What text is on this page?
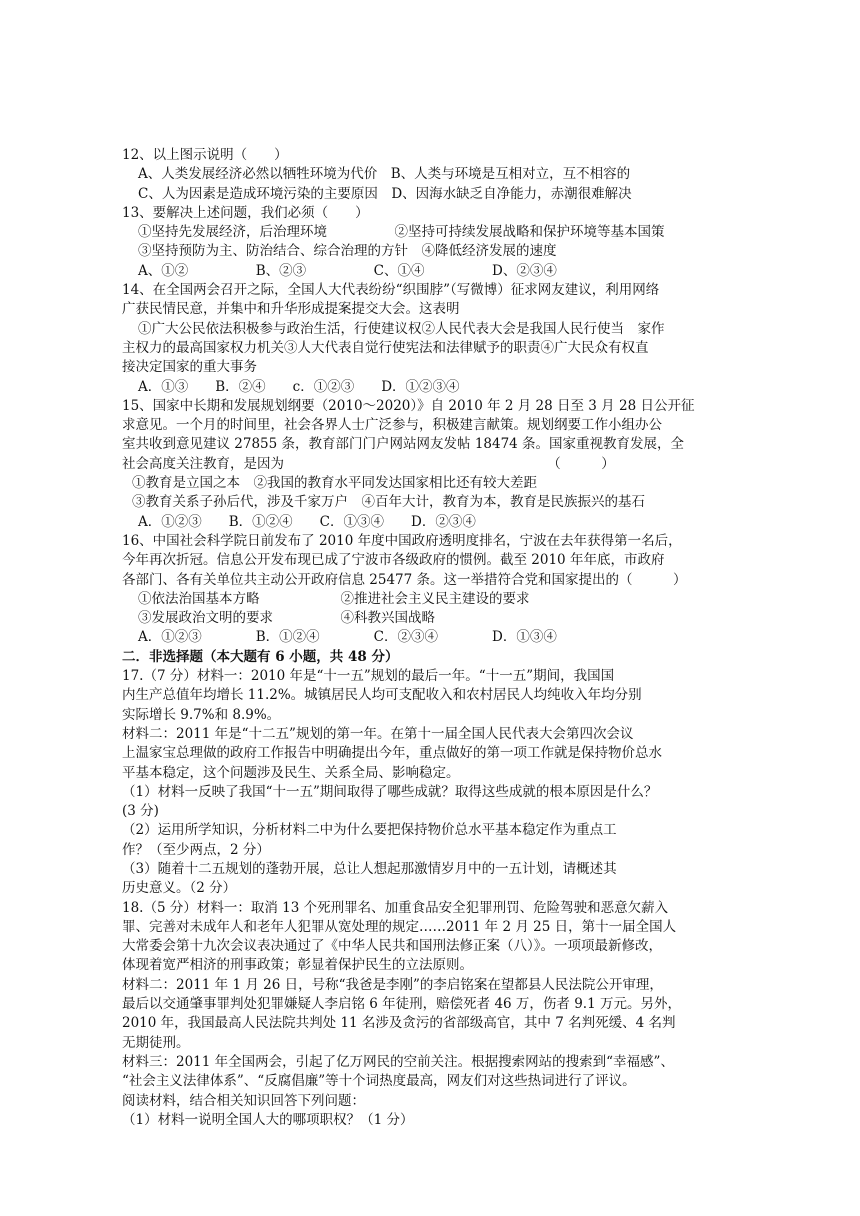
12、以上图示说明（　　）
A、人类发展经济必然以牺牲环境为代价　B、人类与环境是互相对立，互不相容的
C、人为因素是造成环境污染的主要原因　D、因海水缺乏自净能力，赤潮很难解决
13、要解决上述问题，我们必须（　　）
①坚持先发展经济，后治理环境　　　　　②坚持可持续发展战略和保护环境等基本国策
③坚持预防为主、防治结合、综合治理的方针　④降低经济发展的速度
A、①②　　　　　B、②③　　　　　C、①④　　　　　D、②③④
14、在全国两会召开之际，全国人大代表纷纷“织围脖”（写微博）征求网友建议，利用网络
广获民情民意，并集中和升华形成提案提交大会。这表明
①广大公民依法积极参与政治生活，行使建议权②人民代表大会是我国人民行使当　家作
主权力的最高国家权力机关③人大代表自觉行使宪法和法律赋予的职责④广大民众有权直
接决定国家的重大事务
A．①③　　B．②④　　c．①②③　　D．①②③④
15、国家中长期和发展规划纲要（2010～2020）》自 2010 年 2 月 28 日至 3 月 28 日公开征
求意见。一个月的时间里，社会各界人士广泛参与，积极建言献策。规划纲要工作小组办公
室共收到意见建议 27855 条，教育部门门户网站网友发帖 18474 条。国家重视教育发展，全
社会高度关注教育，是因为　　　　　　　　　　　　　　　　　　　　（　　　）
①教育是立国之本　②我国的教育水平同发达国家相比还有较大差距
③教育关系子孙后代，涉及千家万户　④百年大计，教育为本，教育是民族振兴的基石
A．①②③　　B．①②④　　C．①③④　　D．②③④
16、中国社会科学院日前发布了 2010 年度中国政府透明度排名，宁波在去年获得第一名后，
今年再次折冠。信息公开发布现已成了宁波市各级政府的惯例。截至 2010 年年底，市政府
各部门、各有关单位共主动公开政府信息 25477 条。这一举措符合党和国家提出的（　　　）
①依法治国基本方略　　　　　　②推进社会主义民主建设的要求
③发展政治文明的要求　　　　　④科教兴国战略
A．①②③　　　　B．①②④　　　　C．②③④　　　　D．①③④
二．非选择题（本大题有 6 小题，共 48 分）
17.（7 分）材料一：2010 年是“十一五”规划的最后一年。“十一五”期间，我国国
内生产总值年均增长 11.2%。城镇居民人均可支配收入和农村居民人均纯收入年均分别
实际增长 9.7%和 8.9%。
材料二：2011 年是“十二五”规划的第一年。在第十一届全国人民代表大会第四次会议
上温家宝总理做的政府工作报告中明确提出今年，重点做好的第一项工作就是保持物价总水
平基本稳定，这个问题涉及民生、关系全局、影响稳定。
（1）材料一反映了我国“十一五”期间取得了哪些成就？取得这些成就的根本原因是什么？
(3 分)
（2）运用所学知识，分析材料二中为什么要把保持物价总水平基本稳定作为重点工
作？（至少两点，2 分）
（3）随着十二五规划的蓬勃开展，总让人想起那激情岁月中的一五计划，请概述其
历史意义。（2 分）
18.（5 分）材料一：取消 13 个死刑罪名、加重食品安全犯罪刑罚、危险驾驶和恶意欠薪入
罪、完善对未成年人和老年人犯罪从宽处理的规定……2011 年 2 月 25 日，第十一届全国人
大常委会第十九次会议表决通过了《中华人民共和国刑法修正案（八）》。一项项最新修改，
体现着宽严相济的刑事政策；彰显着保护民生的立法原则。
材料二：2011 年 1 月 26 日，号称“我爸是李刚”的李启铭案在望都县人民法院公开审理，
最后以交通肇事罪判处犯罪嫌疑人李启铭 6 年徒刑，赔偿死者 46 万，伤者 9.1 万元。另外，
2010 年，我国最高人民法院共判处 11 名涉及贪污的省部级高官，其中 7 名判死缓、4 名判
无期徒刑。
材料三：2011 年全国两会，引起了亿万网民的空前关注。根据搜索网站的搜索到“幸福感”、
“社会主义法律体系”、“反腐倡廉”等十个词热度最高，网友们对这些热词进行了评议。
阅读材料，结合相关知识回答下列问题：
（1）材料一说明全国人大的哪项职权？（1 分）
